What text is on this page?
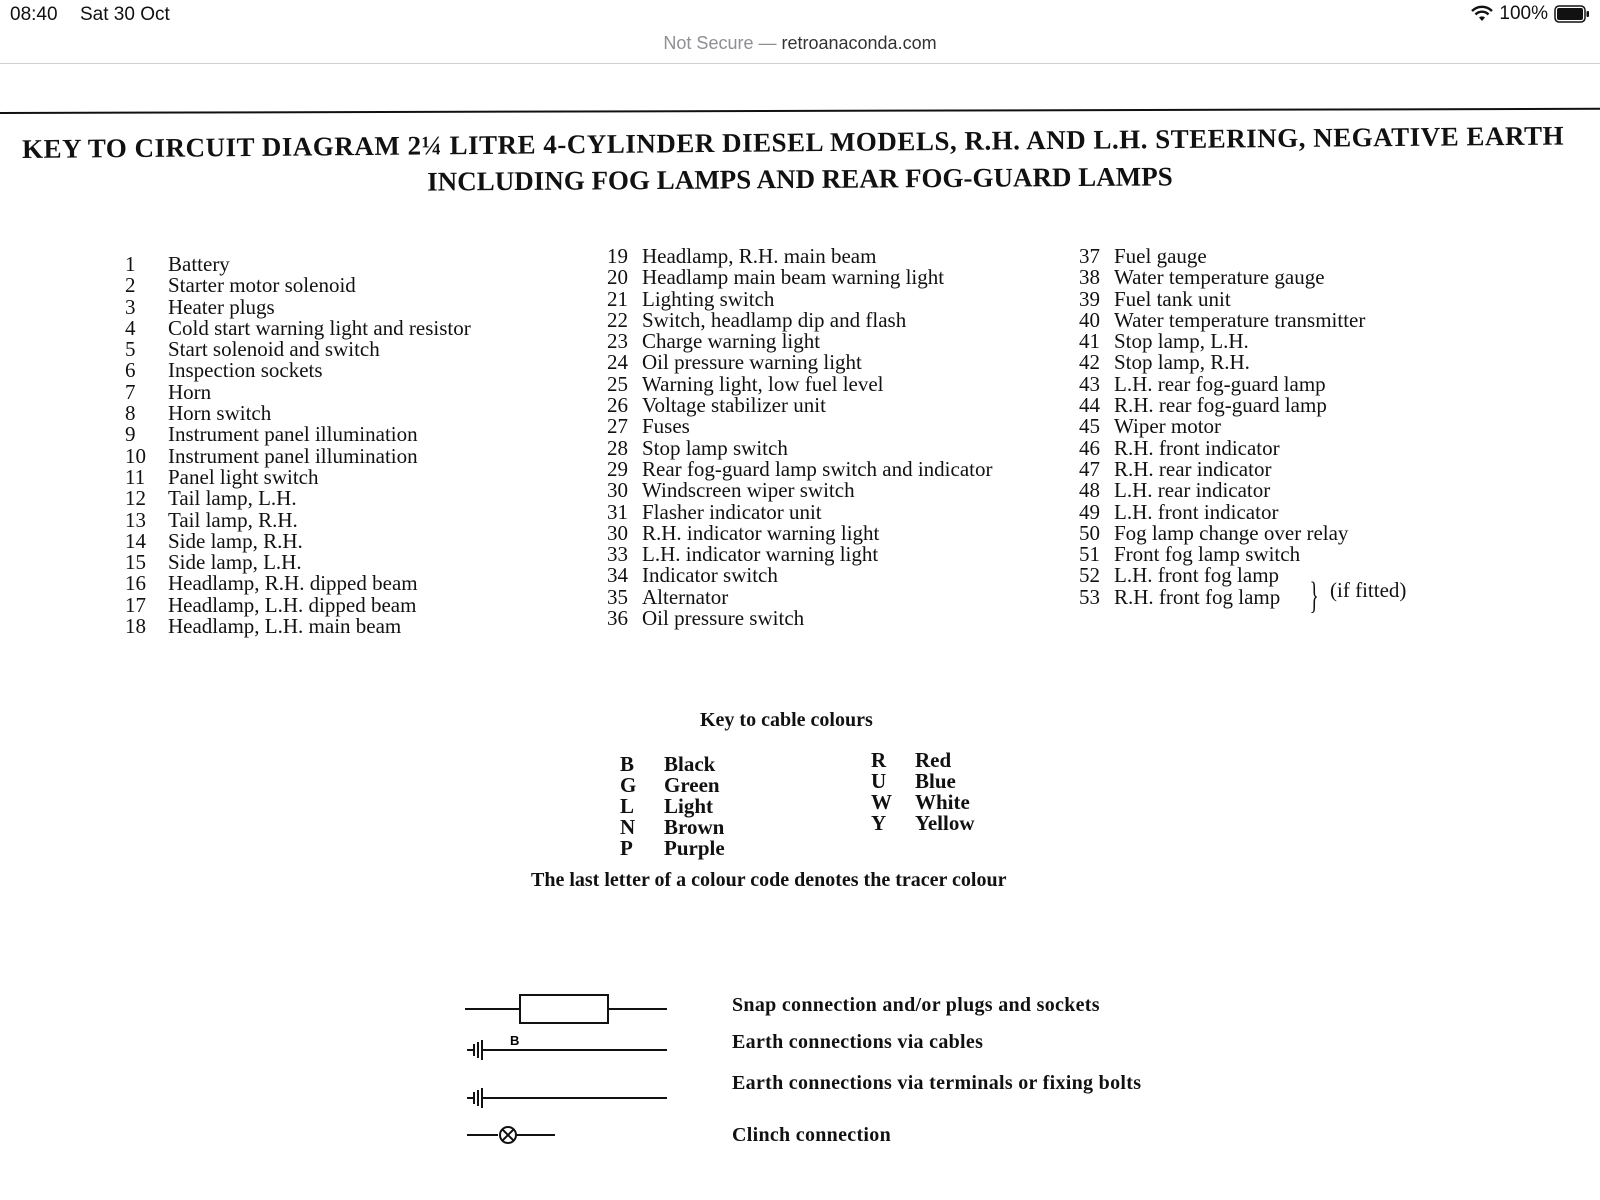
08:40 Sat 30 Oct	100%
Not Secure — retroanaconda.com
KEY TO CIRCUIT DIAGRAM 2¼ LITRE 4-CYLINDER DIESEL MODELS, R.H. AND L.H. STEERING, NEGATIVE EARTH
INCLUDING FOG LAMPS AND REAR FOG-GUARD LAMPS
1	Battery
2	Starter motor solenoid
3	Heater plugs
4	Cold start warning light and resistor
5	Start solenoid and switch
6	Inspection sockets
7	Horn
8	Horn switch
9	Instrument panel illumination
10 Instrument panel illumination
11 Panel light switch
12 Tail lamp, L.H.
13 Tail lamp, R.H.
14 Side lamp, R.H.
15 Side lamp, L.H.
16 Headlamp, R.H. dipped beam
17 Headlamp, L.H. dipped beam
18 Headlamp, L.H. main beam
19 Headlamp, R.H. main beam
20 Headlamp main beam warning light
21 Lighting switch
22 Switch, headlamp dip and flash
23 Charge warning light
24 Oil pressure warning light
25 Warning light, low fuel level
26 Voltage stabilizer unit
27 Fuses
28 Stop lamp switch
29 Rear fog-guard lamp switch and indicator
30 Windscreen wiper switch
31 Flasher indicator unit
30 R.H. indicator warning light
33 L.H. indicator warning light
34 Indicator switch
35 Alternator
36 Oil pressure switch
37 Fuel gauge
38 Water temperature gauge
39 Fuel tank unit
40 Water temperature transmitter
41 Stop lamp, L.H.
42 Stop lamp, R.H.
43 L.H. rear fog-guard lamp
44 R.H. rear fog-guard lamp
45 Wiper motor
46 R.H. front indicator
47 R.H. rear indicator
48 L.H. rear indicator
49 L.H. front indicator
50 Fog lamp change over relay
51 Front fog lamp switch
52 L.H. front fog lamp
53 R.H. front fog lamp } (if fitted)
Key to cable colours
B Black
G Green
L Light
N Brown
P Purple
R Red
U Blue
W White
Y Yellow
The last letter of a colour code denotes the tracer colour
Snap connection and/or plugs and sockets
B	Earth connections via cables
Earth connections via terminals or fixing bolts
Clinch connection
